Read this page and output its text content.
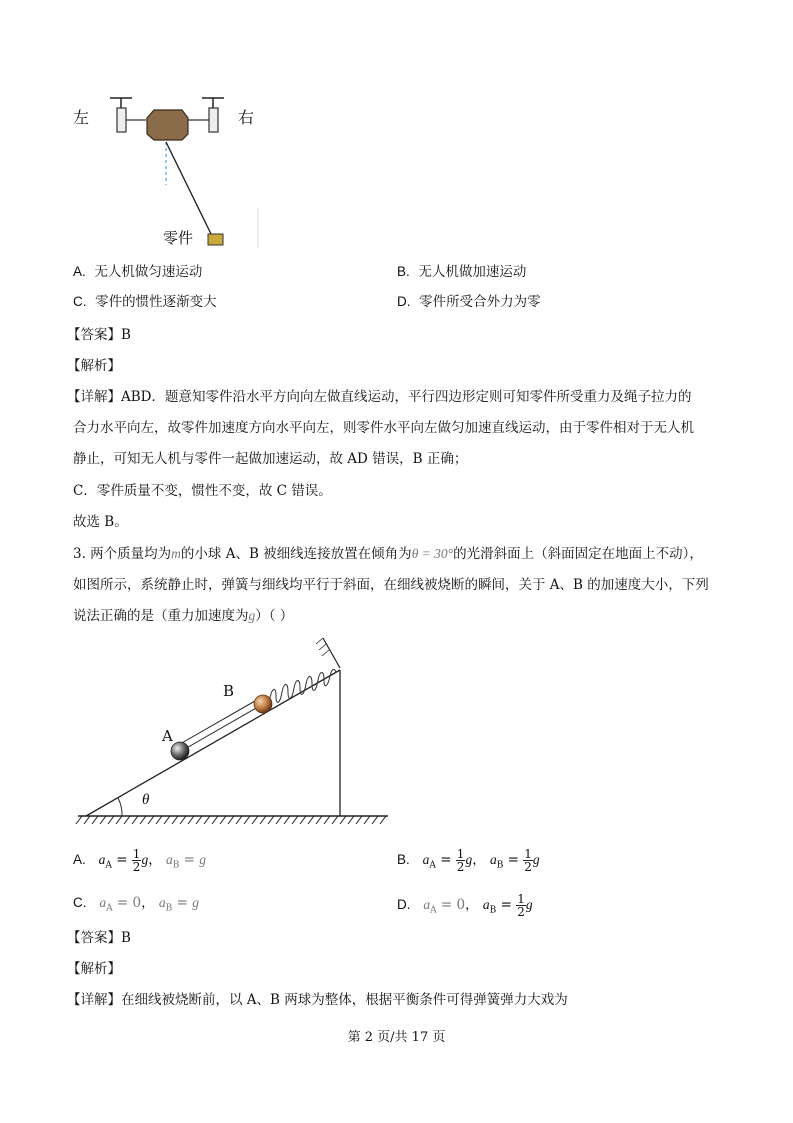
左	右
零件
A. 无人机做匀速运动	B. 无人机做加速运动
C. 零件的惯性逐渐变大	D. 零件所受合外力为零
【答案】B
【解析】
【详解】ABD．题意知零件沿水平方向向左做直线运动，平行四边形定则可知零件所受重力及绳子拉力的
合力水平向左，故零件加速度方向水平向左，则零件水平向左做匀加速直线运动，由于零件相对于无人机
静止，可知无人机与零件一起做加速运动，故 AD 错误，B 正确；
C．零件质量不变，惯性不变，故 C 错误。
故选 B。
3. 两个质量均为m的小球 A、B 被细线连接放置在倾角为θ = 30°的光滑斜面上（斜面固定在地面上不动），
如图所示，系统静止时，弹簧与细线均平行于斜面，在细线被烧断的瞬间，关于 A、B 的加速度大小，下列
说法正确的是（重力加速度为g）（ ）
A
B
θ
A. $a_A = \frac{1}{2}$ g， $a_B = g$	B. $a_A = \frac{1}{2}$ g， $a_B = \frac{1}{2}$ g
C. $a_A = 0$， $a_B = g$	D. $a_A = 0$， $a_B = \frac{1}{2}$ g
【答案】B
【解析】
【详解】在细线被烧断前，以 A、B 两球为整体，根据平衡条件可得弹簧弹力大戏为
第 2 页/共 17 页
